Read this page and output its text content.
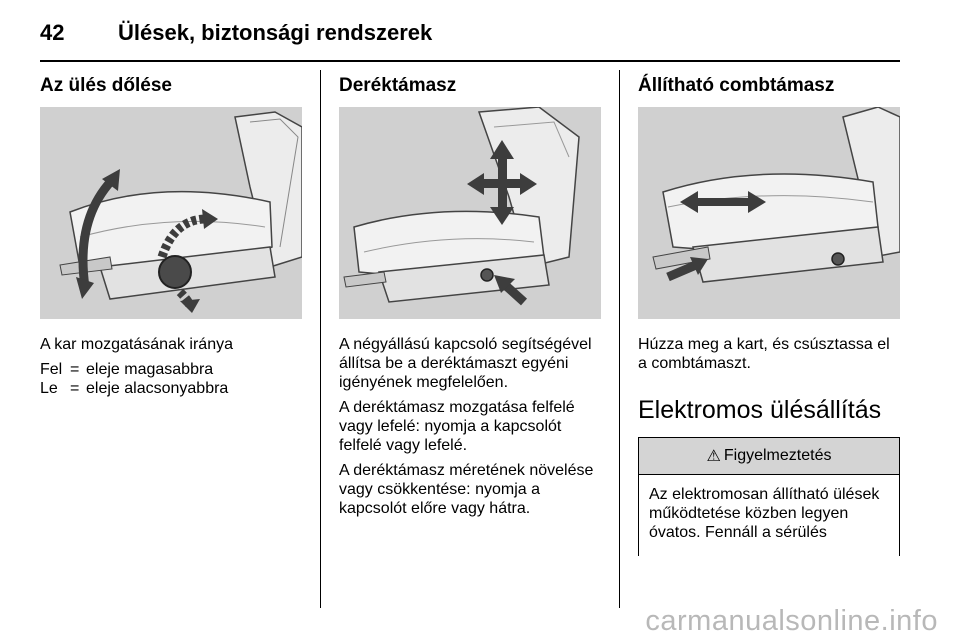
42 Ülések, biztonsági rendszerek
Az ülés dőlése

A kar mozgatásának iránya

Fel = eleje magasabbra
Le = eleje alacsonyabbra
Deréktámasz

A négyállású kapcsoló segítségével állítsa be a deréktámaszt egyéni igényének megfelelően.

A deréktámasz mozgatása felfelé vagy lefelé: nyomja a kapcsolót felfelé vagy lefelé.

A deréktámasz méretének növelése vagy csökkentése: nyomja a kapcsolót előre vagy hátra.

Állítható combtámasz

Húzza meg a kart, és csúsztassa el a combtámaszt.

Elektromos ülésállítás
⚠ Figyelmeztetés
Az elektromosan állítható ülések működtetése közben legyen óvatos. Fennáll a sérülés
carmanualsonline.info
